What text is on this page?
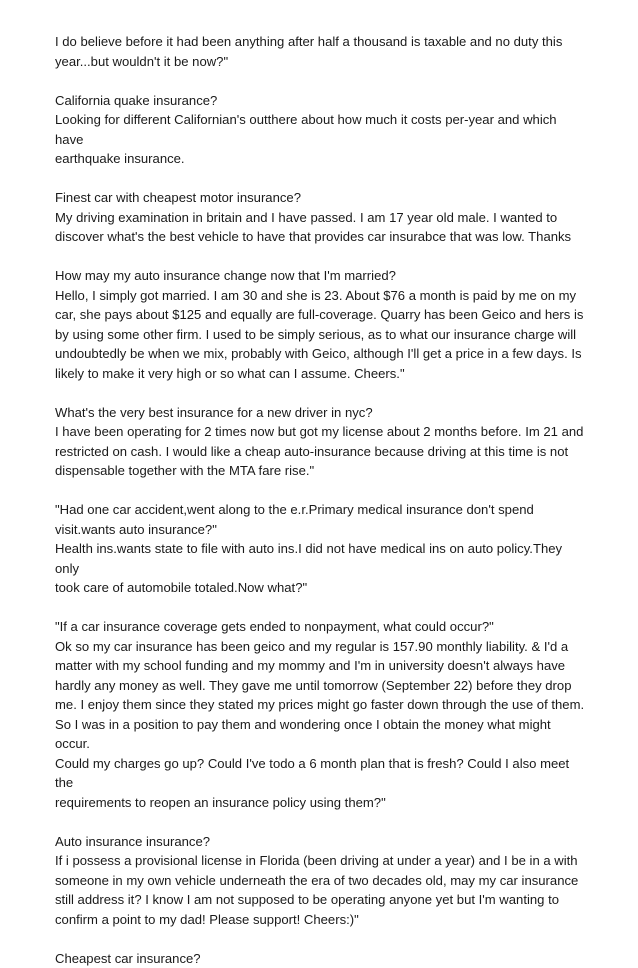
I do believe before it had been anything after half a thousand is taxable and no duty this
year...but wouldn't it be now?"

California quake insurance?
Looking for different Californian's outthere about how much it costs per-year and which have
earthquake insurance.

Finest car with cheapest motor insurance?
My driving examination in britain and I have passed. I am 17 year old male. I wanted to
discover what's the best vehicle to have that provides car insurabce that was low. Thanks

How may my auto insurance change now that I'm married?
Hello, I simply got married. I am 30 and she is 23. About $76 a month is paid by me on my
car, she pays about $125 and equally are full-coverage. Quarry has been Geico and hers is
by using some other firm. I used to be simply serious, as to what our insurance charge will
undoubtedly be when we mix, probably with Geico, although I'll get a price in a few days. Is
likely to make it very high or so what can I assume. Cheers."

What's the very best insurance for a new driver in nyc?
I have been operating for 2 times now but got my license about 2 months before. Im 21 and
restricted on cash. I would like a cheap auto-insurance because driving at this time is not
dispensable together with the MTA fare rise."

"Had one car accident,went along to the e.r.Primary medical insurance don't spend
visit.wants auto insurance?"
Health ins.wants state to file with auto ins.I did not have medical ins on auto policy.They only
took care of automobile totaled.Now what?"

"If a car insurance coverage gets ended to nonpayment, what could occur?"
Ok so my car insurance has been geico and my regular is 157.90 monthly liability. & I'd a
matter with my school funding and my mommy and I'm in university doesn't always have
hardly any money as well. They gave me until tomorrow (September 22) before they drop
me. I enjoy them since they stated my prices might go faster down through the use of them.
So I was in a position to pay them and wondering once I obtain the money what might occur.
Could my charges go up? Could I've todo a 6 month plan that is fresh? Could I also meet the
requirements to reopen an insurance policy using them?"

Auto insurance insurance?
If i possess a provisional license in Florida (been driving at under a year) and I be in a with
someone in my own vehicle underneath the era of two decades old, may my car insurance
still address it? I know I am not supposed to be operating anyone yet but I'm wanting to
confirm a point to my dad! Please support! Cheers:)"

Cheapest car insurance?
